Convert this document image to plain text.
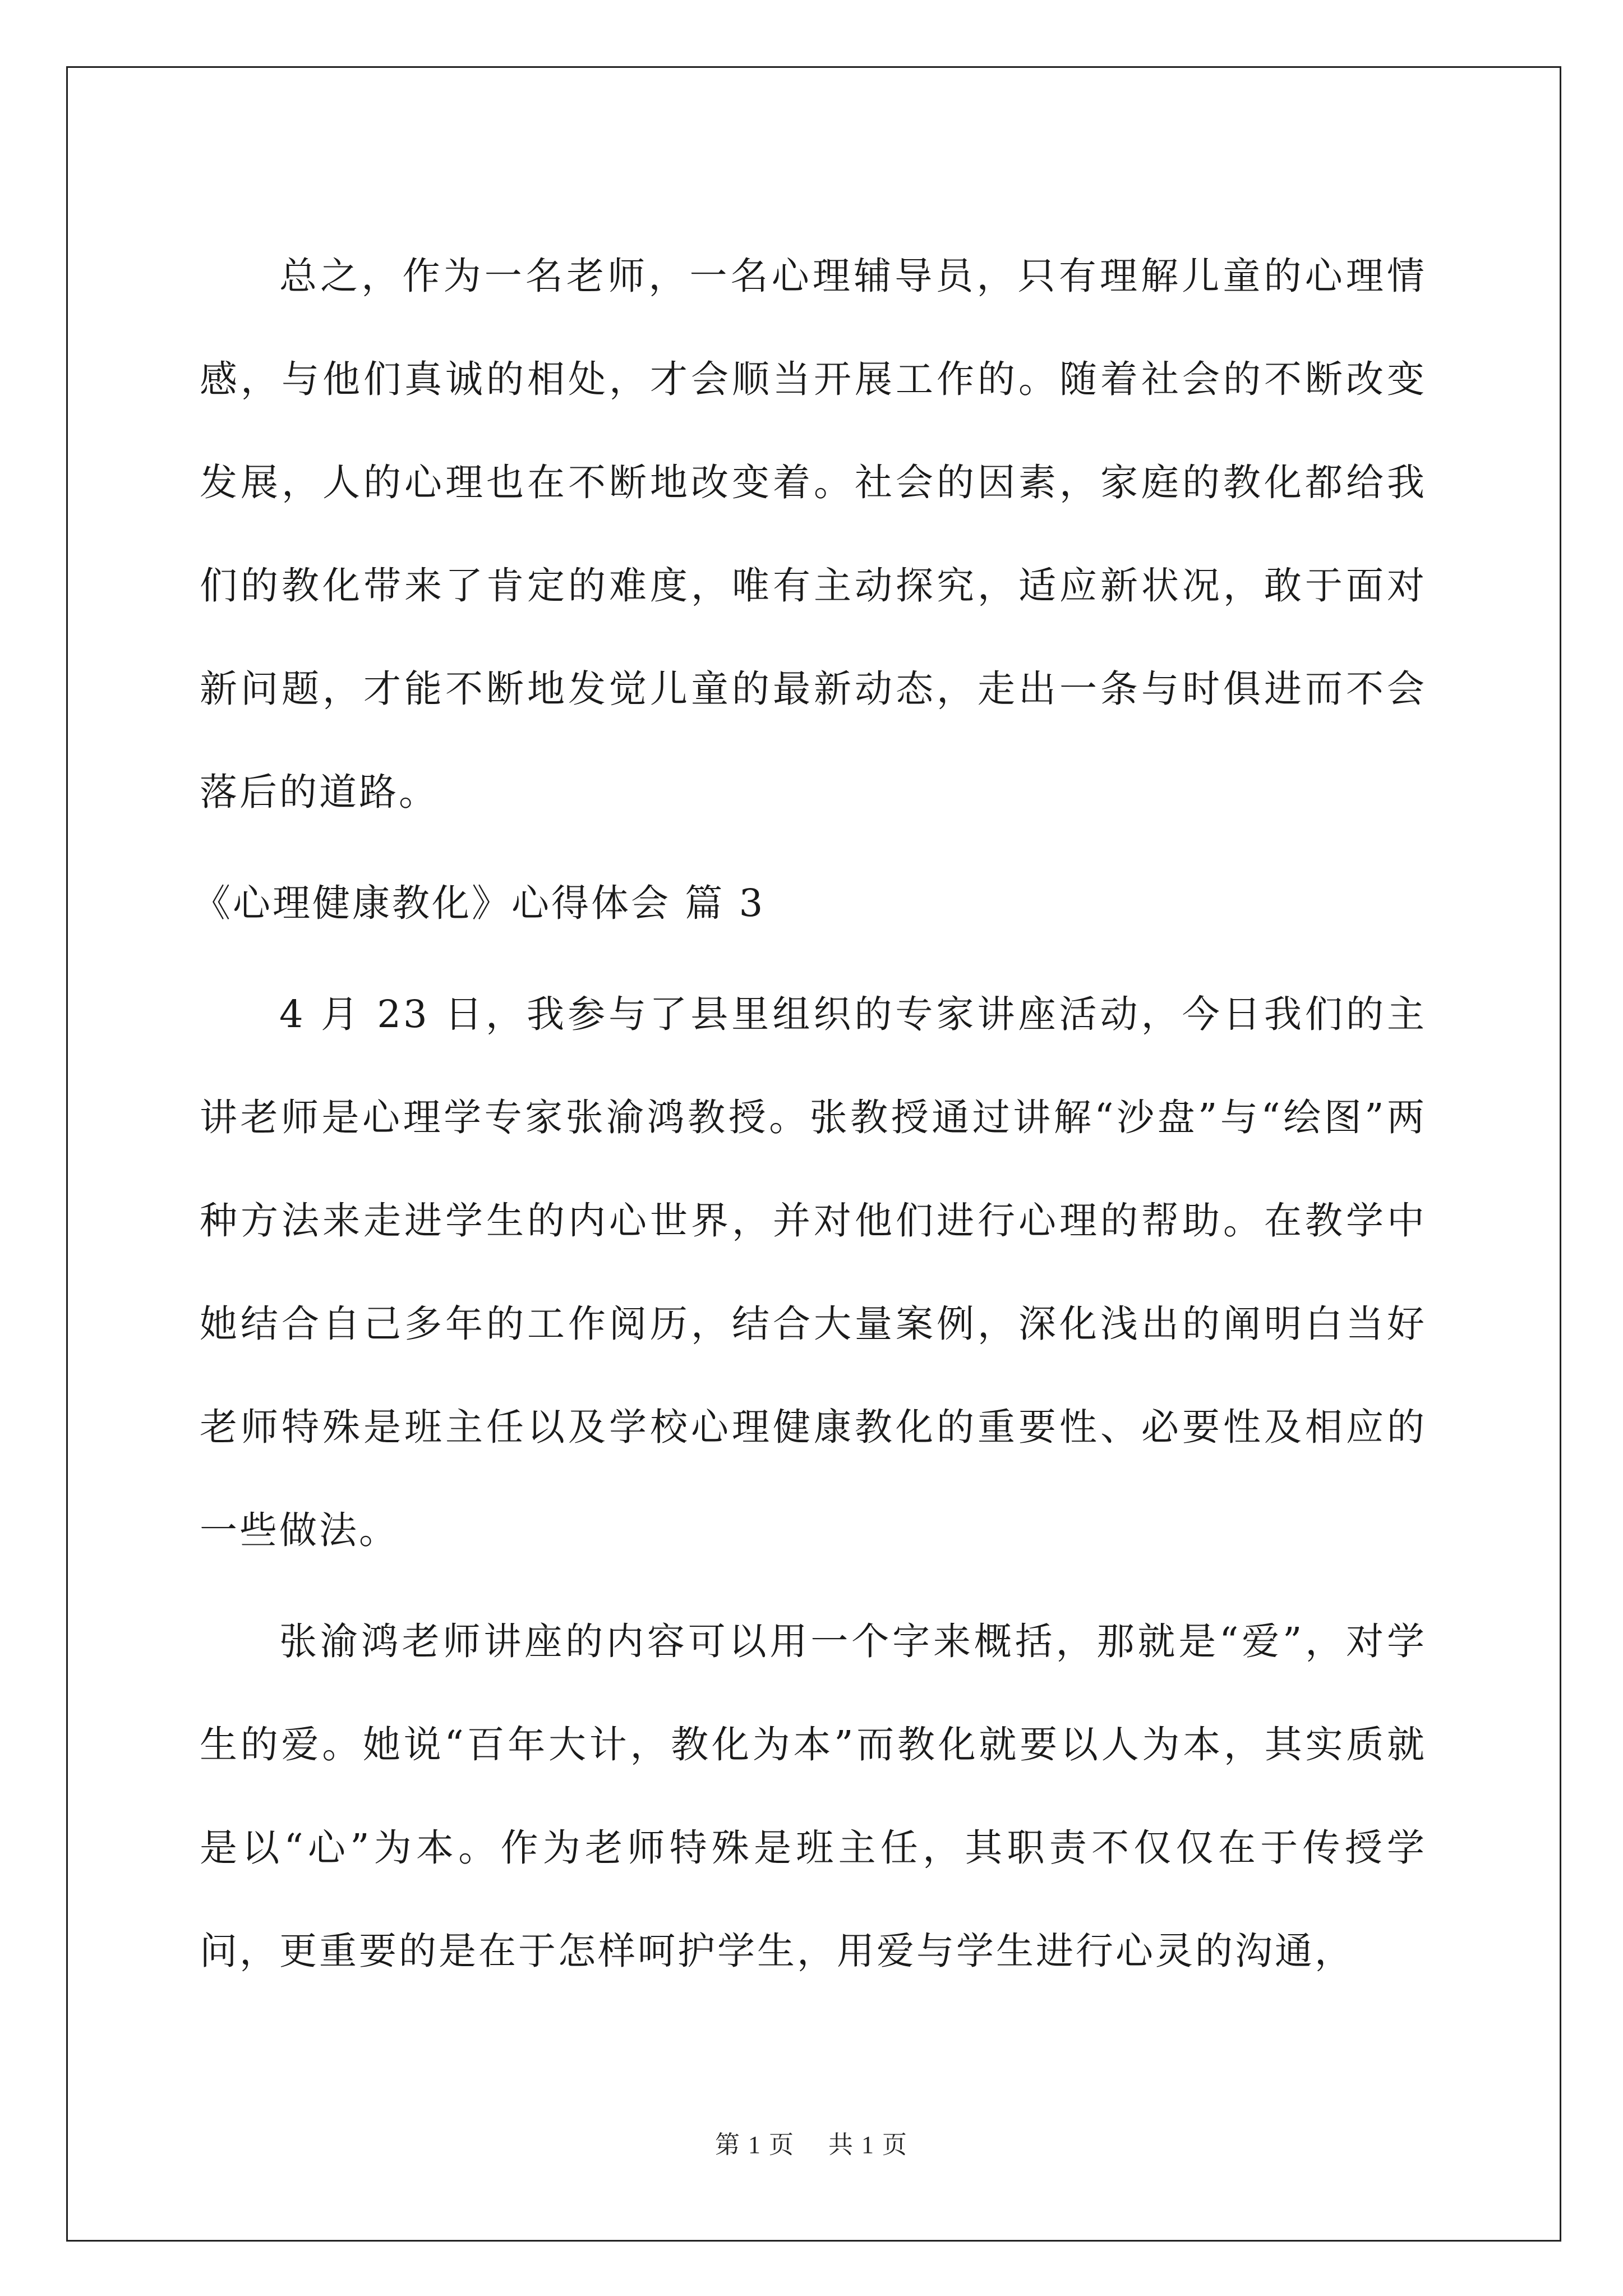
总之，作为一名老师，一名心理辅导员，只有理解儿童的心理情感，与他们真诚的相处，才会顺当开展工作的。随着社会的不断改变发展，人的心理也在不断地改变着。社会的因素，家庭的教化都给我们的教化带来了肯定的难度，唯有主动探究，适应新状况，敢于面对新问题，才能不断地发觉儿童的最新动态，走出一条与时俱进而不会落后的道路。

《心理健康教化》心得体会 篇 3

4 月 23 日，我参与了县里组织的专家讲座活动，今日我们的主讲老师是心理学专家张渝鸿教授。张教授通过讲解“沙盘”与“绘图”两种方法来走进学生的内心世界，并对他们进行心理的帮助。在教学中她结合自己多年的工作阅历，结合大量案例，深化浅出的阐明白当好老师特殊是班主任以及学校心理健康教化的重要性、必要性及相应的一些做法。

张渝鸿老师讲座的内容可以用一个字来概括，那就是“爱”，对学生的爱。她说“百年大计，教化为本”而教化就要以人为本，其实质就是以“心”为本。作为老师特殊是班主任，其职责不仅仅在于传授学问，更重要的是在于怎样呵护学生，用爱与学生进行心灵的沟通，

第 1 页 共 1 页
